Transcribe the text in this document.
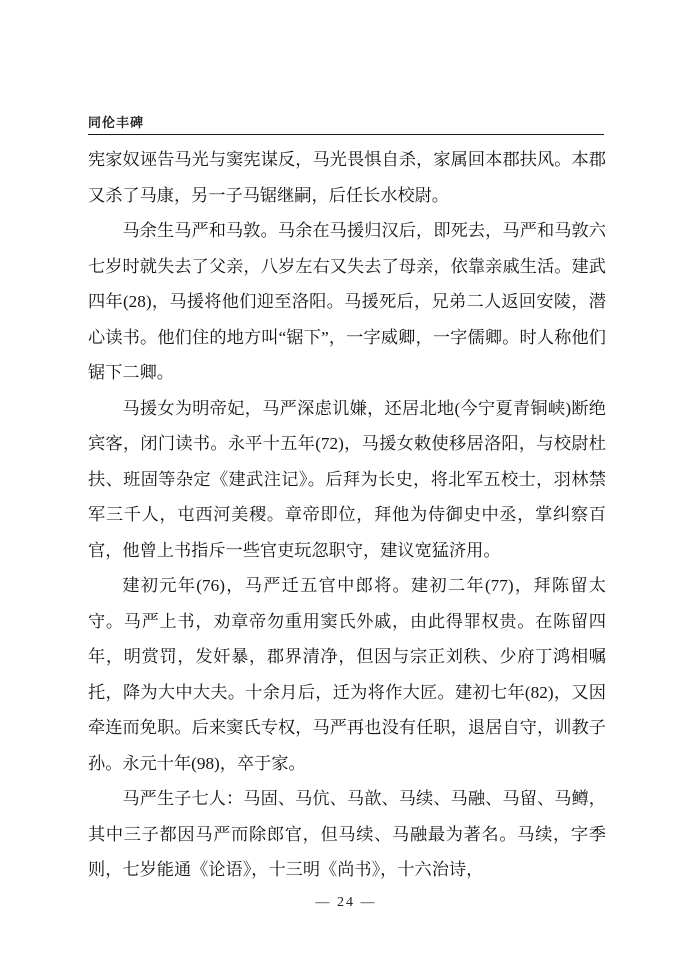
同伦丰碑

宪家奴诬告马光与窦宪谋反，马光畏惧自杀，家属回本郡扶风。本郡又杀了马康，另一子马锯继嗣，后任长水校尉。

马余生马严和马敦。马余在马援归汉后，即死去，马严和马敦六七岁时就失去了父亲，八岁左右又失去了母亲，依靠亲戚生活。建武四年(28)，马援将他们迎至洛阳。马援死后，兄弟二人返回安陵，潜心读书。他们住的地方叫“锯下”，一字威卿，一字儒卿。时人称他们锯下二卿。

马援女为明帝妃，马严深虑讥嫌，还居北地(今宁夏青铜峡)断绝宾客，闭门读书。永平十五年(72)，马援女敕使移居洛阳，与校尉杜扶、班固等杂定《建武注记》。后拜为长史，将北军五校士，羽林禁军三千人，屯西河美稷。章帝即位，拜他为侍御史中丞，掌纠察百官，他曾上书指斥一些官吏玩忽职守，建议宽猛济用。

建初元年(76)，马严迁五官中郎将。建初二年(77)，拜陈留太守。马严上书，劝章帝勿重用窦氏外戚，由此得罪权贵。在陈留四年，明赏罚，发奸暴，郡界清净，但因与宗正刘秩、少府丁鸿相嘱托，降为大中大夫。十余月后，迁为将作大匠。建初七年(82)，又因牵连而免职。后来窦氏专权，马严再也没有任职，退居自守，训教子孙。永元十年(98)，卒于家。

马严生子七人：马固、马伉、马歆、马续、马融、马留、马鳟，其中三子都因马严而除郎官，但马续、马融最为著名。马续，字季则，七岁能通《论语》，十三明《尚书》，十六治诗，

— 24 —
